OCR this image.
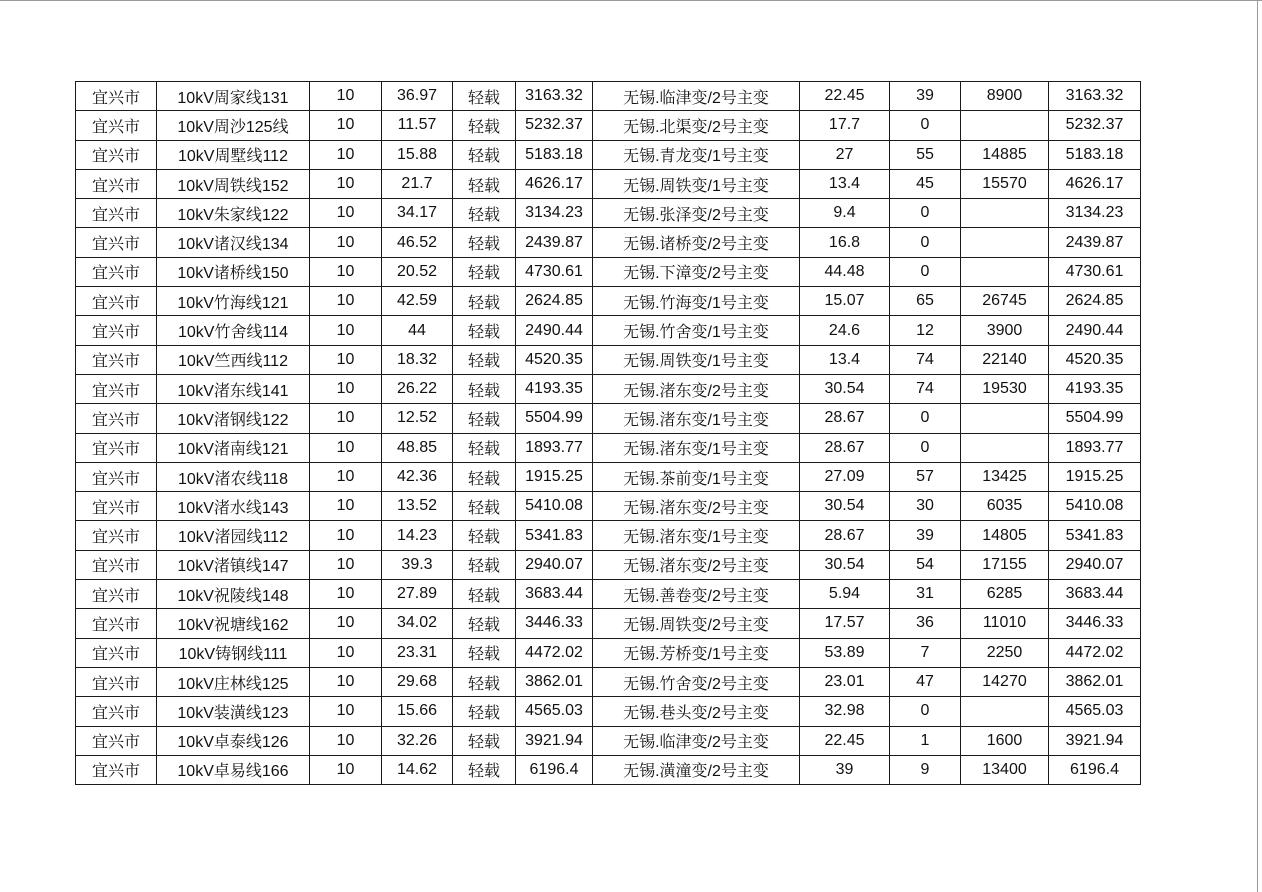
宜兴市	10kV周家线131	10	36.97	轻载	3163.32	无锡.临津变/2号主变	22.45	39	8900	3163.32
宜兴市	10kV周沙125线	10	11.57	轻载	5232.37	无锡.北渠变/2号主变	17.7	0		5232.37
宜兴市	10kV周墅线112	10	15.88	轻载	5183.18	无锡.青龙变/1号主变	27	55	14885	5183.18
宜兴市	10kV周铁线152	10	21.7	轻载	4626.17	无锡.周铁变/1号主变	13.4	45	15570	4626.17
宜兴市	10kV朱家线122	10	34.17	轻载	3134.23	无锡.张泽变/2号主变	9.4	0		3134.23
宜兴市	10kV诸汉线134	10	46.52	轻载	2439.87	无锡.诸桥变/2号主变	16.8	0		2439.87
宜兴市	10kV诸桥线150	10	20.52	轻载	4730.61	无锡.下漳变/2号主变	44.48	0		4730.61
宜兴市	10kV竹海线121	10	42.59	轻载	2624.85	无锡.竹海变/1号主变	15.07	65	26745	2624.85
宜兴市	10kV竹舍线114	10	44	轻载	2490.44	无锡.竹舍变/1号主变	24.6	12	3900	2490.44
宜兴市	10kV竺西线112	10	18.32	轻载	4520.35	无锡.周铁变/1号主变	13.4	74	22140	4520.35
宜兴市	10kV渚东线141	10	26.22	轻载	4193.35	无锡.渚东变/2号主变	30.54	74	19530	4193.35
宜兴市	10kV渚钢线122	10	12.52	轻载	5504.99	无锡.渚东变/1号主变	28.67	0		5504.99
宜兴市	10kV渚南线121	10	48.85	轻载	1893.77	无锡.渚东变/1号主变	28.67	0		1893.77
宜兴市	10kV渚农线118	10	42.36	轻载	1915.25	无锡.茶前变/1号主变	27.09	57	13425	1915.25
宜兴市	10kV渚水线143	10	13.52	轻载	5410.08	无锡.渚东变/2号主变	30.54	30	6035	5410.08
宜兴市	10kV渚园线112	10	14.23	轻载	5341.83	无锡.渚东变/1号主变	28.67	39	14805	5341.83
宜兴市	10kV渚镇线147	10	39.3	轻载	2940.07	无锡.渚东变/2号主变	30.54	54	17155	2940.07
宜兴市	10kV祝陵线148	10	27.89	轻载	3683.44	无锡.善卷变/2号主变	5.94	31	6285	3683.44
宜兴市	10kV祝塘线162	10	34.02	轻载	3446.33	无锡.周铁变/2号主变	17.57	36	11010	3446.33
宜兴市	10kV铸钢线111	10	23.31	轻载	4472.02	无锡.芳桥变/1号主变	53.89	7	2250	4472.02
宜兴市	10kV庄林线125	10	29.68	轻载	3862.01	无锡.竹舍变/2号主变	23.01	47	14270	3862.01
宜兴市	10kV装潢线123	10	15.66	轻载	4565.03	无锡.巷头变/2号主变	32.98	0		4565.03
宜兴市	10kV卓泰线126	10	32.26	轻载	3921.94	无锡.临津变/2号主变	22.45	1	1600	3921.94
宜兴市	10kV卓易线166	10	14.62	轻载	6196.4	无锡.潢潼变/2号主变	39	9	13400	6196.4
